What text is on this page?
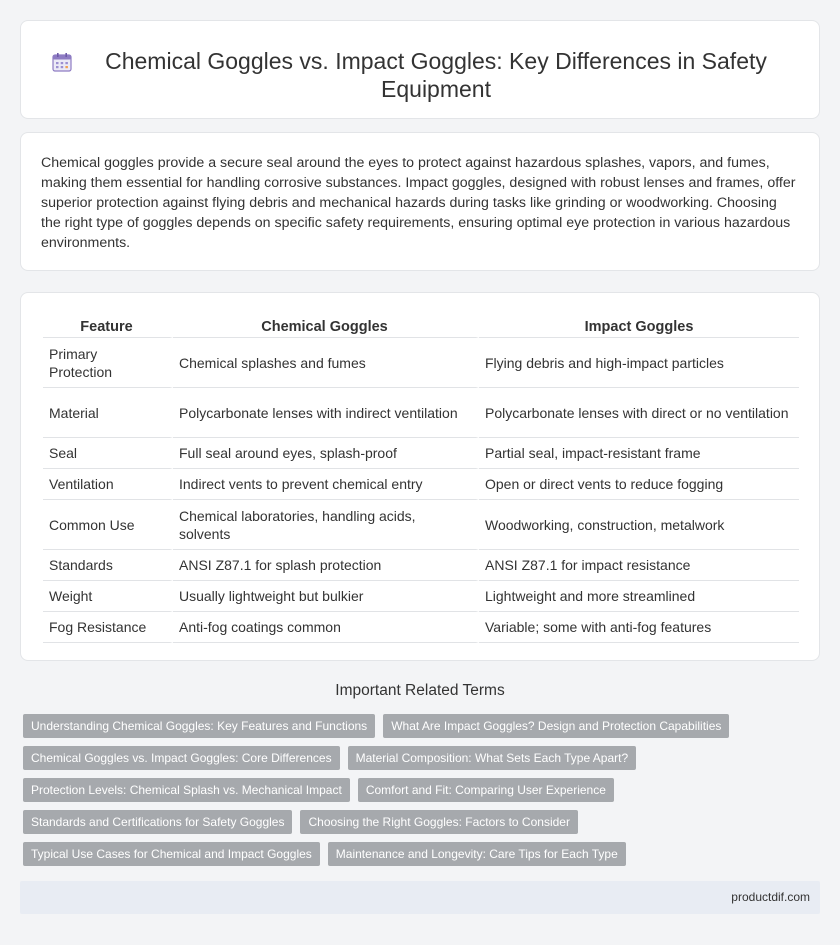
Chemical Goggles vs. Impact Goggles: Key Differences in Safety Equipment

Chemical goggles provide a secure seal around the eyes to protect against hazardous splashes, vapors, and fumes, making them essential for handling corrosive substances. Impact goggles, designed with robust lenses and frames, offer superior protection against flying debris and mechanical hazards during tasks like grinding or woodworking. Choosing the right type of goggles depends on specific safety requirements, ensuring optimal eye protection in various hazardous environments.

Feature	Chemical Goggles	Impact Goggles
Primary Protection	Chemical splashes and fumes	Flying debris and high-impact particles
Material	Polycarbonate lenses with indirect ventilation	Polycarbonate lenses with direct or no ventilation
Seal	Full seal around eyes, splash-proof	Partial seal, impact-resistant frame
Ventilation	Indirect vents to prevent chemical entry	Open or direct vents to reduce fogging
Common Use	Chemical laboratories, handling acids, solvents	Woodworking, construction, metalwork
Standards	ANSI Z87.1 for splash protection	ANSI Z87.1 for impact resistance
Weight	Usually lightweight but bulkier	Lightweight and more streamlined
Fog Resistance	Anti-fog coatings common	Variable; some with anti-fog features
Important Related Terms
Understanding Chemical Goggles: Key Features and Functions	What Are Impact Goggles? Design and Protection Capabilities
Chemical Goggles vs. Impact Goggles: Core Differences	Material Composition: What Sets Each Type Apart?
Protection Levels: Chemical Splash vs. Mechanical Impact	Comfort and Fit: Comparing User Experience
Standards and Certifications for Safety Goggles	Choosing the Right Goggles: Factors to Consider
Typical Use Cases for Chemical and Impact Goggles	Maintenance and Longevity: Care Tips for Each Type
productdif.com
